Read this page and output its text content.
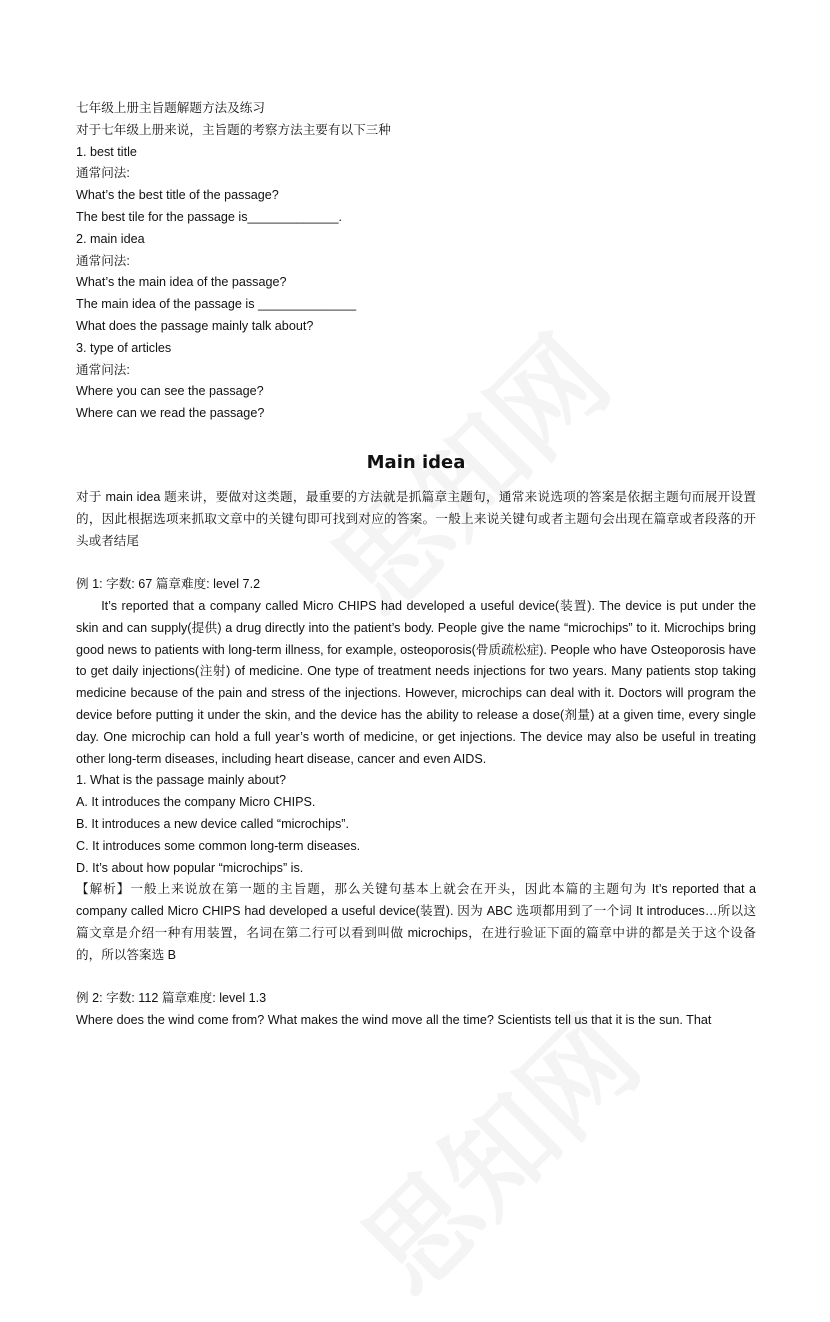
七年级上册主旨题解题方法及练习
对于七年级上册来说，主旨题的考察方法主要有以下三种
1. best title
通常问法:
What’s the best title of the passage?
The best tile for the passage is_____________.
2. main idea
通常问法:
What’s the main idea of the passage?
The main idea of the passage is ______________
What does the passage mainly talk about?
3. type of articles
通常问法:
Where you can see the passage?
Where can we read the passage?
Main idea
对于 main idea 题来讲，要做对这类题，最重要的方法就是抓篇章主题句，通常来说选项的答案是依据主题句而展开设置的，因此根据选项来抓取文章中的关键句即可找到对应的答案。一般上来说关键句或者主题句会出现在篇章或者段落的开头或者结尾
例 1: 字数: 67 篇章难度: level 7.2
It’s reported that a company called Micro CHIPS had developed a useful device(装置). The device is put under the skin and can supply(提供) a drug directly into the patient’s body. People give the name “microchips” to it. Microchips bring good news to patients with long-term illness, for example, osteoporosis(骨质疏松症). People who have Osteoporosis have to get daily injections(注射) of medicine. One type of treatment needs injections for two years. Many patients stop taking medicine because of the pain and stress of the injections. However, microchips can deal with it. Doctors will program the device before putting it under the skin, and the device has the ability to release a dose(剂量) at a given time, every single day. One microchip can hold a full year’s worth of medicine, or get injections. The device may also be useful in treating other long-term diseases, including heart disease, cancer and even AIDS.
1. What is the passage mainly about?
A. It introduces the company Micro CHIPS.
B. It introduces a new device called “microchips”.
C. It introduces some common long-term diseases.
D. It’s about how popular “microchips” is.
【解析】一般上来说放在第一题的主旨题，那么关键句基本上就会在开头，因此本篇的主题句为 It’s reported that a company called Micro CHIPS had developed a useful device(装置). 因为 ABC 选项都用到了一个词 It introduces…所以这篇文章是介绍一种有用装置，名词在第二行可以看到叫做 microchips，在进行验证下面的篇章中讲的都是关于这个设备的，所以答案选 B
例 2: 字数: 112 篇章难度: level 1.3
Where does the wind come from? What makes the wind move all the time? Scientists tell us that it is the sun. That
